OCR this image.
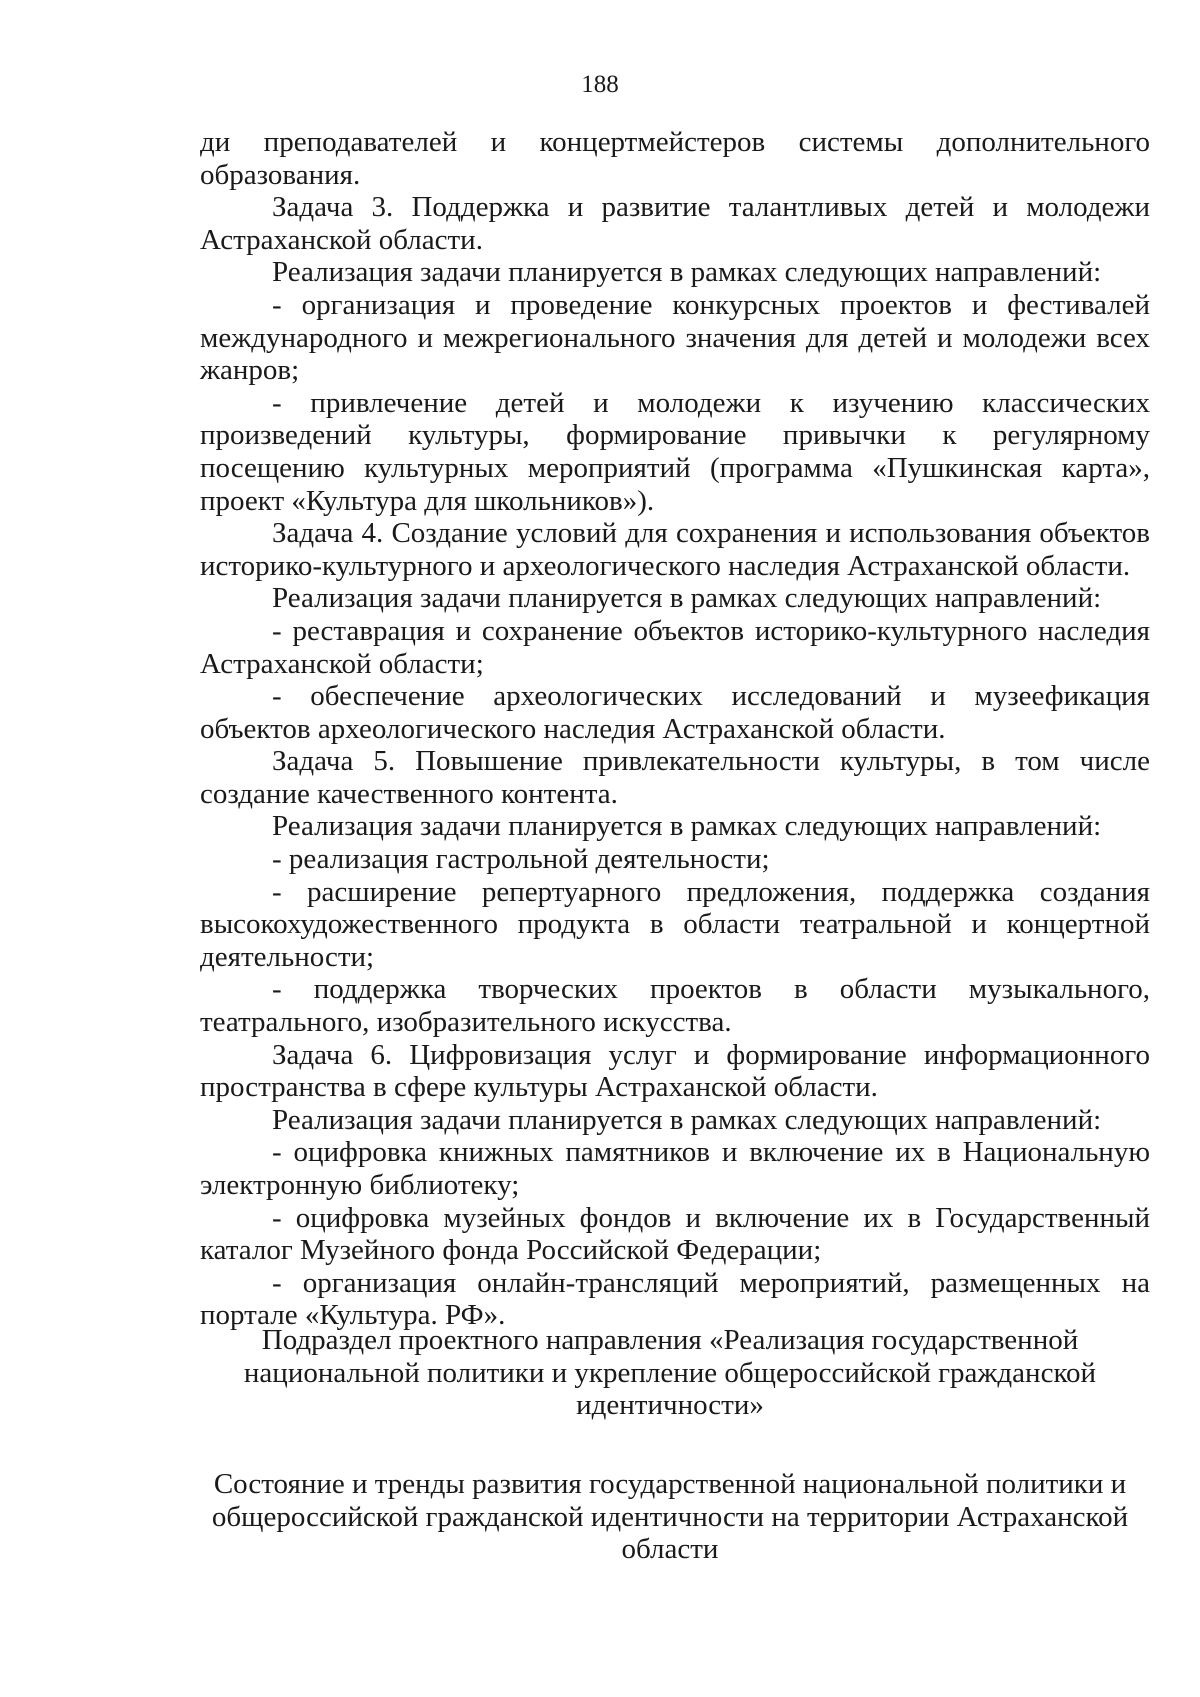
188

ди преподавателей и концертмейстеров системы дополнительного образования.

Задача 3. Поддержка и развитие талантливых детей и молодежи Астраханской области.

Реализация задачи планируется в рамках следующих направлений:

- организация и проведение конкурсных проектов и фестивалей международного и межрегионального значения для детей и молодежи всех жанров;

- привлечение детей и молодежи к изучению классических произведений культуры, формирование привычки к регулярному посещению культурных мероприятий (программа «Пушкинская карта», проект «Культура для школьников»).

Задача 4. Создание условий для сохранения и использования объектов историко-культурного и археологического наследия Астраханской области.

Реализация задачи планируется в рамках следующих направлений:

- реставрация и сохранение объектов историко-культурного наследия Астраханской области;

- обеспечение археологических исследований и музеефикация объектов археологического наследия Астраханской области.

Задача 5. Повышение привлекательности культуры, в том числе создание качественного контента.

Реализация задачи планируется в рамках следующих направлений:

- реализация гастрольной деятельности;

- расширение репертуарного предложения, поддержка создания высокохудожественного продукта в области театральной и концертной деятельности;

- поддержка творческих проектов в области музыкального, театрального, изобразительного искусства.

Задача 6. Цифровизация услуг и формирование информационного пространства в сфере культуры Астраханской области.

Реализация задачи планируется в рамках следующих направлений:

- оцифровка книжных памятников и включение их в Национальную электронную библиотеку;

- оцифровка музейных фондов и включение их в Государственный каталог Музейного фонда Российской Федерации;

- организация онлайн-трансляций мероприятий, размещенных на портале «Культура. РФ».

Подраздел проектного направления «Реализация государственной национальной политики и укрепление общероссийской гражданской идентичности»
Состояние и тренды развития государственной национальной политики и общероссийской гражданской идентичности на территории Астраханской области
